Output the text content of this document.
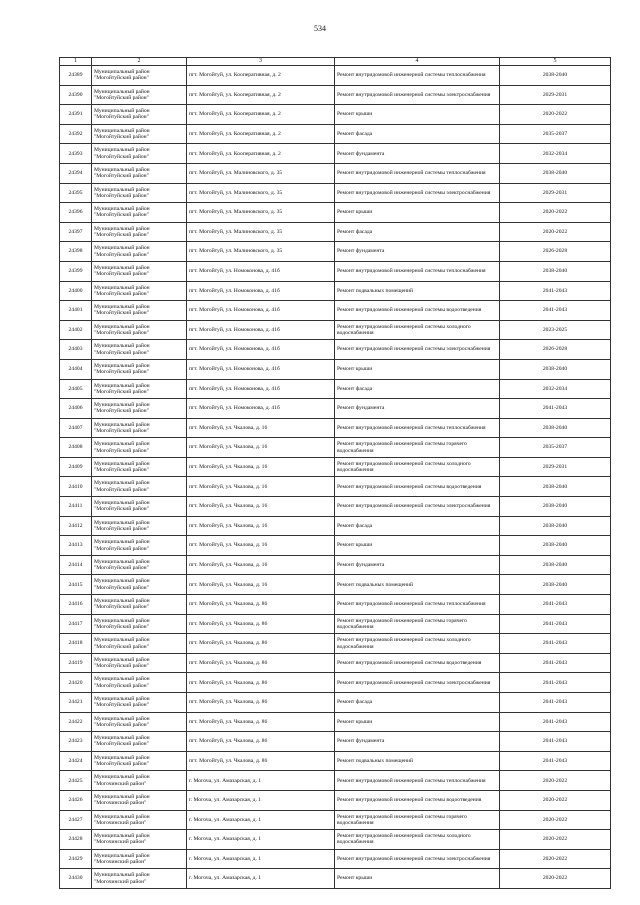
534
1	2	3	4	5
24389	Муниципальный район "Могойтуйский район"	пгт. Могойтуй, ул. Кооперативная, д. 2	Ремонт внутридомовой инженерной системы теплоснабжения	2038-2040
24390	Муниципальный район "Могойтуйский район"	пгт. Могойтуй, ул. Кооперативная, д. 2	Ремонт внутридомовой инженерной системы электроснабжения	2029-2031
24391	Муниципальный район "Могойтуйский район"	пгт. Могойтуй, ул. Кооперативная, д. 2	Ремонт крыши	2020-2022
24392	Муниципальный район "Могойтуйский район"	пгт. Могойтуй, ул. Кооперативная, д. 2	Ремонт фасада	2035-2037
24393	Муниципальный район "Могойтуйский район"	пгт. Могойтуй, ул. Кооперативная, д. 2	Ремонт фундамента	2032-2034
24394	Муниципальный район "Могойтуйский район"	пгт. Могойтуй, ул. Малиновского, д. 35	Ремонт внутридомовой инженерной системы теплоснабжения	2038-2040
24395	Муниципальный район "Могойтуйский район"	пгт. Могойтуй, ул. Малиновского, д. 35	Ремонт внутридомовой инженерной системы электроснабжения	2029-2031
24396	Муниципальный район "Могойтуйский район"	пгт. Могойтуй, ул. Малиновского, д. 35	Ремонт крыши	2020-2022
24397	Муниципальный район "Могойтуйский район"	пгт. Могойтуй, ул. Малиновского, д. 35	Ремонт фасада	2020-2022
24398	Муниципальный район "Могойтуйский район"	пгт. Могойтуй, ул. Малиновского, д. 35	Ремонт фундамента	2026-2028
24399	Муниципальный район "Могойтуйский район"	пгт. Могойтуй, ул. Номоконова, д. 41б	Ремонт внутридомовой инженерной системы теплоснабжения	2038-2040
24400	Муниципальный район "Могойтуйский район"	пгт. Могойтуй, ул. Номоконова, д. 41б	Ремонт подвальных помещений	2041-2043
24401	Муниципальный район "Могойтуйский район"	пгт. Могойтуй, ул. Номоконова, д. 41б	Ремонт внутридомовой инженерной системы водоотведения	2041-2043
24402	Муниципальный район "Могойтуйский район"	пгт. Могойтуй, ул. Номоконова, д. 41б	Ремонт внутридомовой инженерной системы холодного водоснабжения	2023-2025
24403	Муниципальный район "Могойтуйский район"	пгт. Могойтуй, ул. Номоконова, д. 41б	Ремонт внутридомовой инженерной системы электроснабжения	2026-2028
24404	Муниципальный район "Могойтуйский район"	пгт. Могойтуй, ул. Номоконова, д. 41б	Ремонт крыши	2038-2040
24405	Муниципальный район "Могойтуйский район"	пгт. Могойтуй, ул. Номоконова, д. 41б	Ремонт фасада	2032-2034
24406	Муниципальный район "Могойтуйский район"	пгт. Могойтуй, ул. Номоконова, д. 41б	Ремонт фундамента	2041-2043
24407	Муниципальный район "Могойтуйский район"	пгт. Могойтуй, ул. Чкалова, д. 16	Ремонт внутридомовой инженерной системы теплоснабжения	2038-2040
24408	Муниципальный район "Могойтуйский район"	пгт. Могойтуй, ул. Чкалова, д. 16	Ремонт внутридомовой инженерной системы горячего водоснабжения	2035-2037
24409	Муниципальный район "Могойтуйский район"	пгт. Могойтуй, ул. Чкалова, д. 16	Ремонт внутридомовой инженерной системы холодного водоснабжения	2029-2031
24410	Муниципальный район "Могойтуйский район"	пгт. Могойтуй, ул. Чкалова, д. 16	Ремонт внутридомовой инженерной системы водоотведения	2038-2040
24411	Муниципальный район "Могойтуйский район"	пгт. Могойтуй, ул. Чкалова, д. 16	Ремонт внутридомовой инженерной системы электроснабжения	2038-2040
24412	Муниципальный район "Могойтуйский район"	пгт. Могойтуй, ул. Чкалова, д. 16	Ремонт фасада	2038-2040
24413	Муниципальный район "Могойтуйский район"	пгт. Могойтуй, ул. Чкалова, д. 16	Ремонт крыши	2038-2040
24414	Муниципальный район "Могойтуйский район"	пгт. Могойтуй, ул. Чкалова, д. 16	Ремонт фундамента	2038-2040
24415	Муниципальный район "Могойтуйский район"	пгт. Могойтуй, ул. Чкалова, д. 16	Ремонт подвальных помещений	2038-2040
24416	Муниципальный район "Могойтуйский район"	пгт. Могойтуй, ул. Чкалова, д. 86	Ремонт внутридомовой инженерной системы теплоснабжения	2041-2043
24417	Муниципальный район "Могойтуйский район"	пгт. Могойтуй, ул. Чкалова, д. 86	Ремонт внутридомовой инженерной системы горячего водоснабжения	2041-2043
24418	Муниципальный район "Могойтуйский район"	пгт. Могойтуй, ул. Чкалова, д. 86	Ремонт внутридомовой инженерной системы холодного водоснабжения	2041-2043
24419	Муниципальный район "Могойтуйский район"	пгт. Могойтуй, ул. Чкалова, д. 86	Ремонт внутридомовой инженерной системы водоотведения	2041-2043
24420	Муниципальный район "Могойтуйский район"	пгт. Могойтуй, ул. Чкалова, д. 86	Ремонт внутридомовой инженерной системы электроснабжения	2041-2043
24421	Муниципальный район "Могойтуйский район"	пгт. Могойтуй, ул. Чкалова, д. 86	Ремонт фасада	2041-2043
24422	Муниципальный район "Могойтуйский район"	пгт. Могойтуй, ул. Чкалова, д. 86	Ремонт крыши	2041-2043
24423	Муниципальный район "Могойтуйский район"	пгт. Могойтуй, ул. Чкалова, д. 86	Ремонт фундамента	2041-2043
24424	Муниципальный район "Могойтуйский район"	пгт. Могойтуй, ул. Чкалова, д. 86	Ремонт подвальных помещений	2041-2043
24425	Муниципальный район "Могочинский район"	г. Могоча, ул. Амазарская, д. 1	Ремонт внутридомовой инженерной системы теплоснабжения	2020-2022
24426	Муниципальный район "Могочинский район"	г. Могоча, ул. Амазарская, д. 1	Ремонт внутридомовой инженерной системы водоотведения	2020-2022
24427	Муниципальный район "Могочинский район"	г. Могоча, ул. Амазарская, д. 1	Ремонт внутридомовой инженерной системы горячего водоснабжения	2020-2022
24428	Муниципальный район "Могочинский район"	г. Могоча, ул. Амазарская, д. 1	Ремонт внутридомовой инженерной системы холодного водоснабжения	2020-2022
24429	Муниципальный район "Могочинский район"	г. Могоча, ул. Амазарская, д. 1	Ремонт внутридомовой инженерной системы электроснабжения	2020-2022
24430	Муниципальный район "Могочинский район"	г. Могоча, ул. Амазарская, д. 1	Ремонт крыши	2020-2022
